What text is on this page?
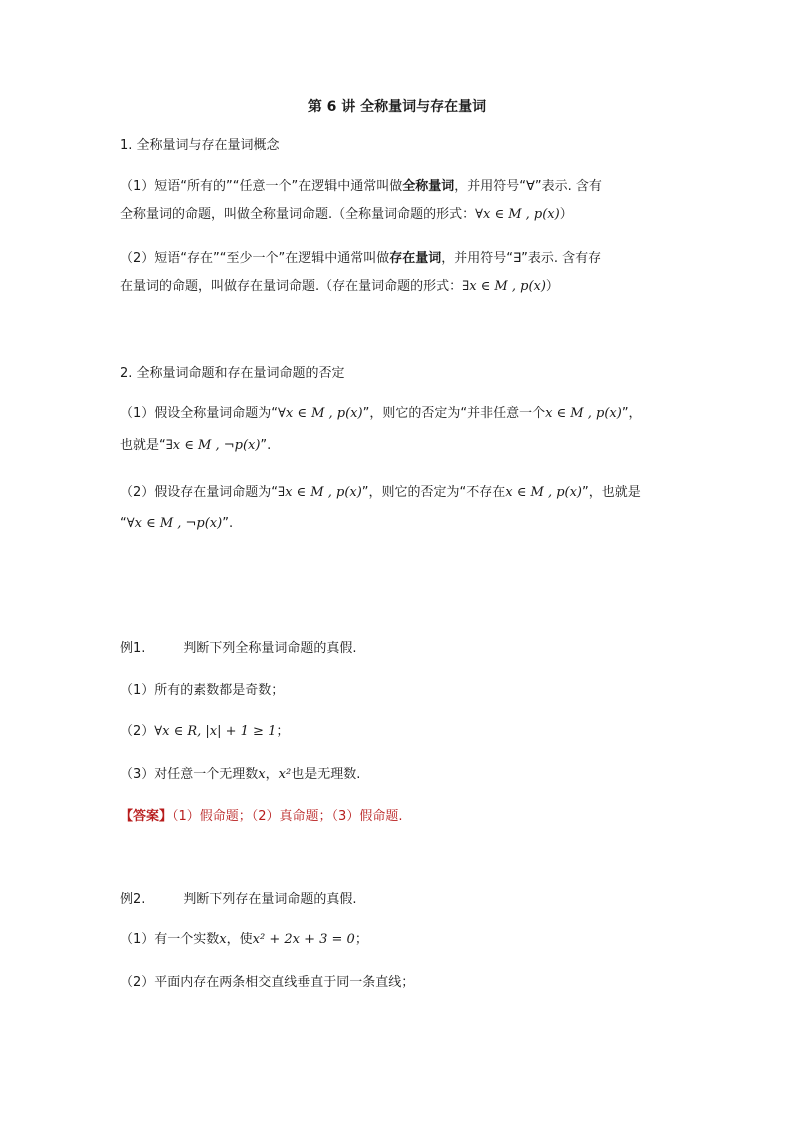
第 6 讲 全称量词与存在量词
1. 全称量词与存在量词概念
（1）短语“所有的”“任意一个”在逻辑中通常叫做全称量词，并用符号“∀”表示. 含有
全称量词的命题，叫做全称量词命题.（全称量词命题的形式：∀x ∈ M , p(x)）
（2）短语“存在”“至少一个”在逻辑中通常叫做存在量词，并用符号“∃”表示. 含有存
在量词的命题，叫做存在量词命题.（存在量词命题的形式：∃x ∈ M , p(x)）
2. 全称量词命题和存在量词命题的否定
（1）假设全称量词命题为“∀x ∈ M , p(x)”，则它的否定为“并非任意一个x ∈ M , p(x)”，
也就是“∃x ∈ M , ¬p(x)”.
（2）假设存在量词命题为“∃x ∈ M , p(x)”，则它的否定为“不存在x ∈ M , p(x)”，也就是
“∀x ∈ M , ¬p(x)”.
例1.	判断下列全称量词命题的真假.
（1）所有的素数都是奇数；
（2）∀x ∈ R, |x| + 1 ≥ 1；
（3）对任意一个无理数x，x²也是无理数.
【答案】（1）假命题；（2）真命题；（3）假命题.
例2.	判断下列存在量词命题的真假.
（1）有一个实数x，使x² + 2x + 3 = 0；
（2）平面内存在两条相交直线垂直于同一条直线；
